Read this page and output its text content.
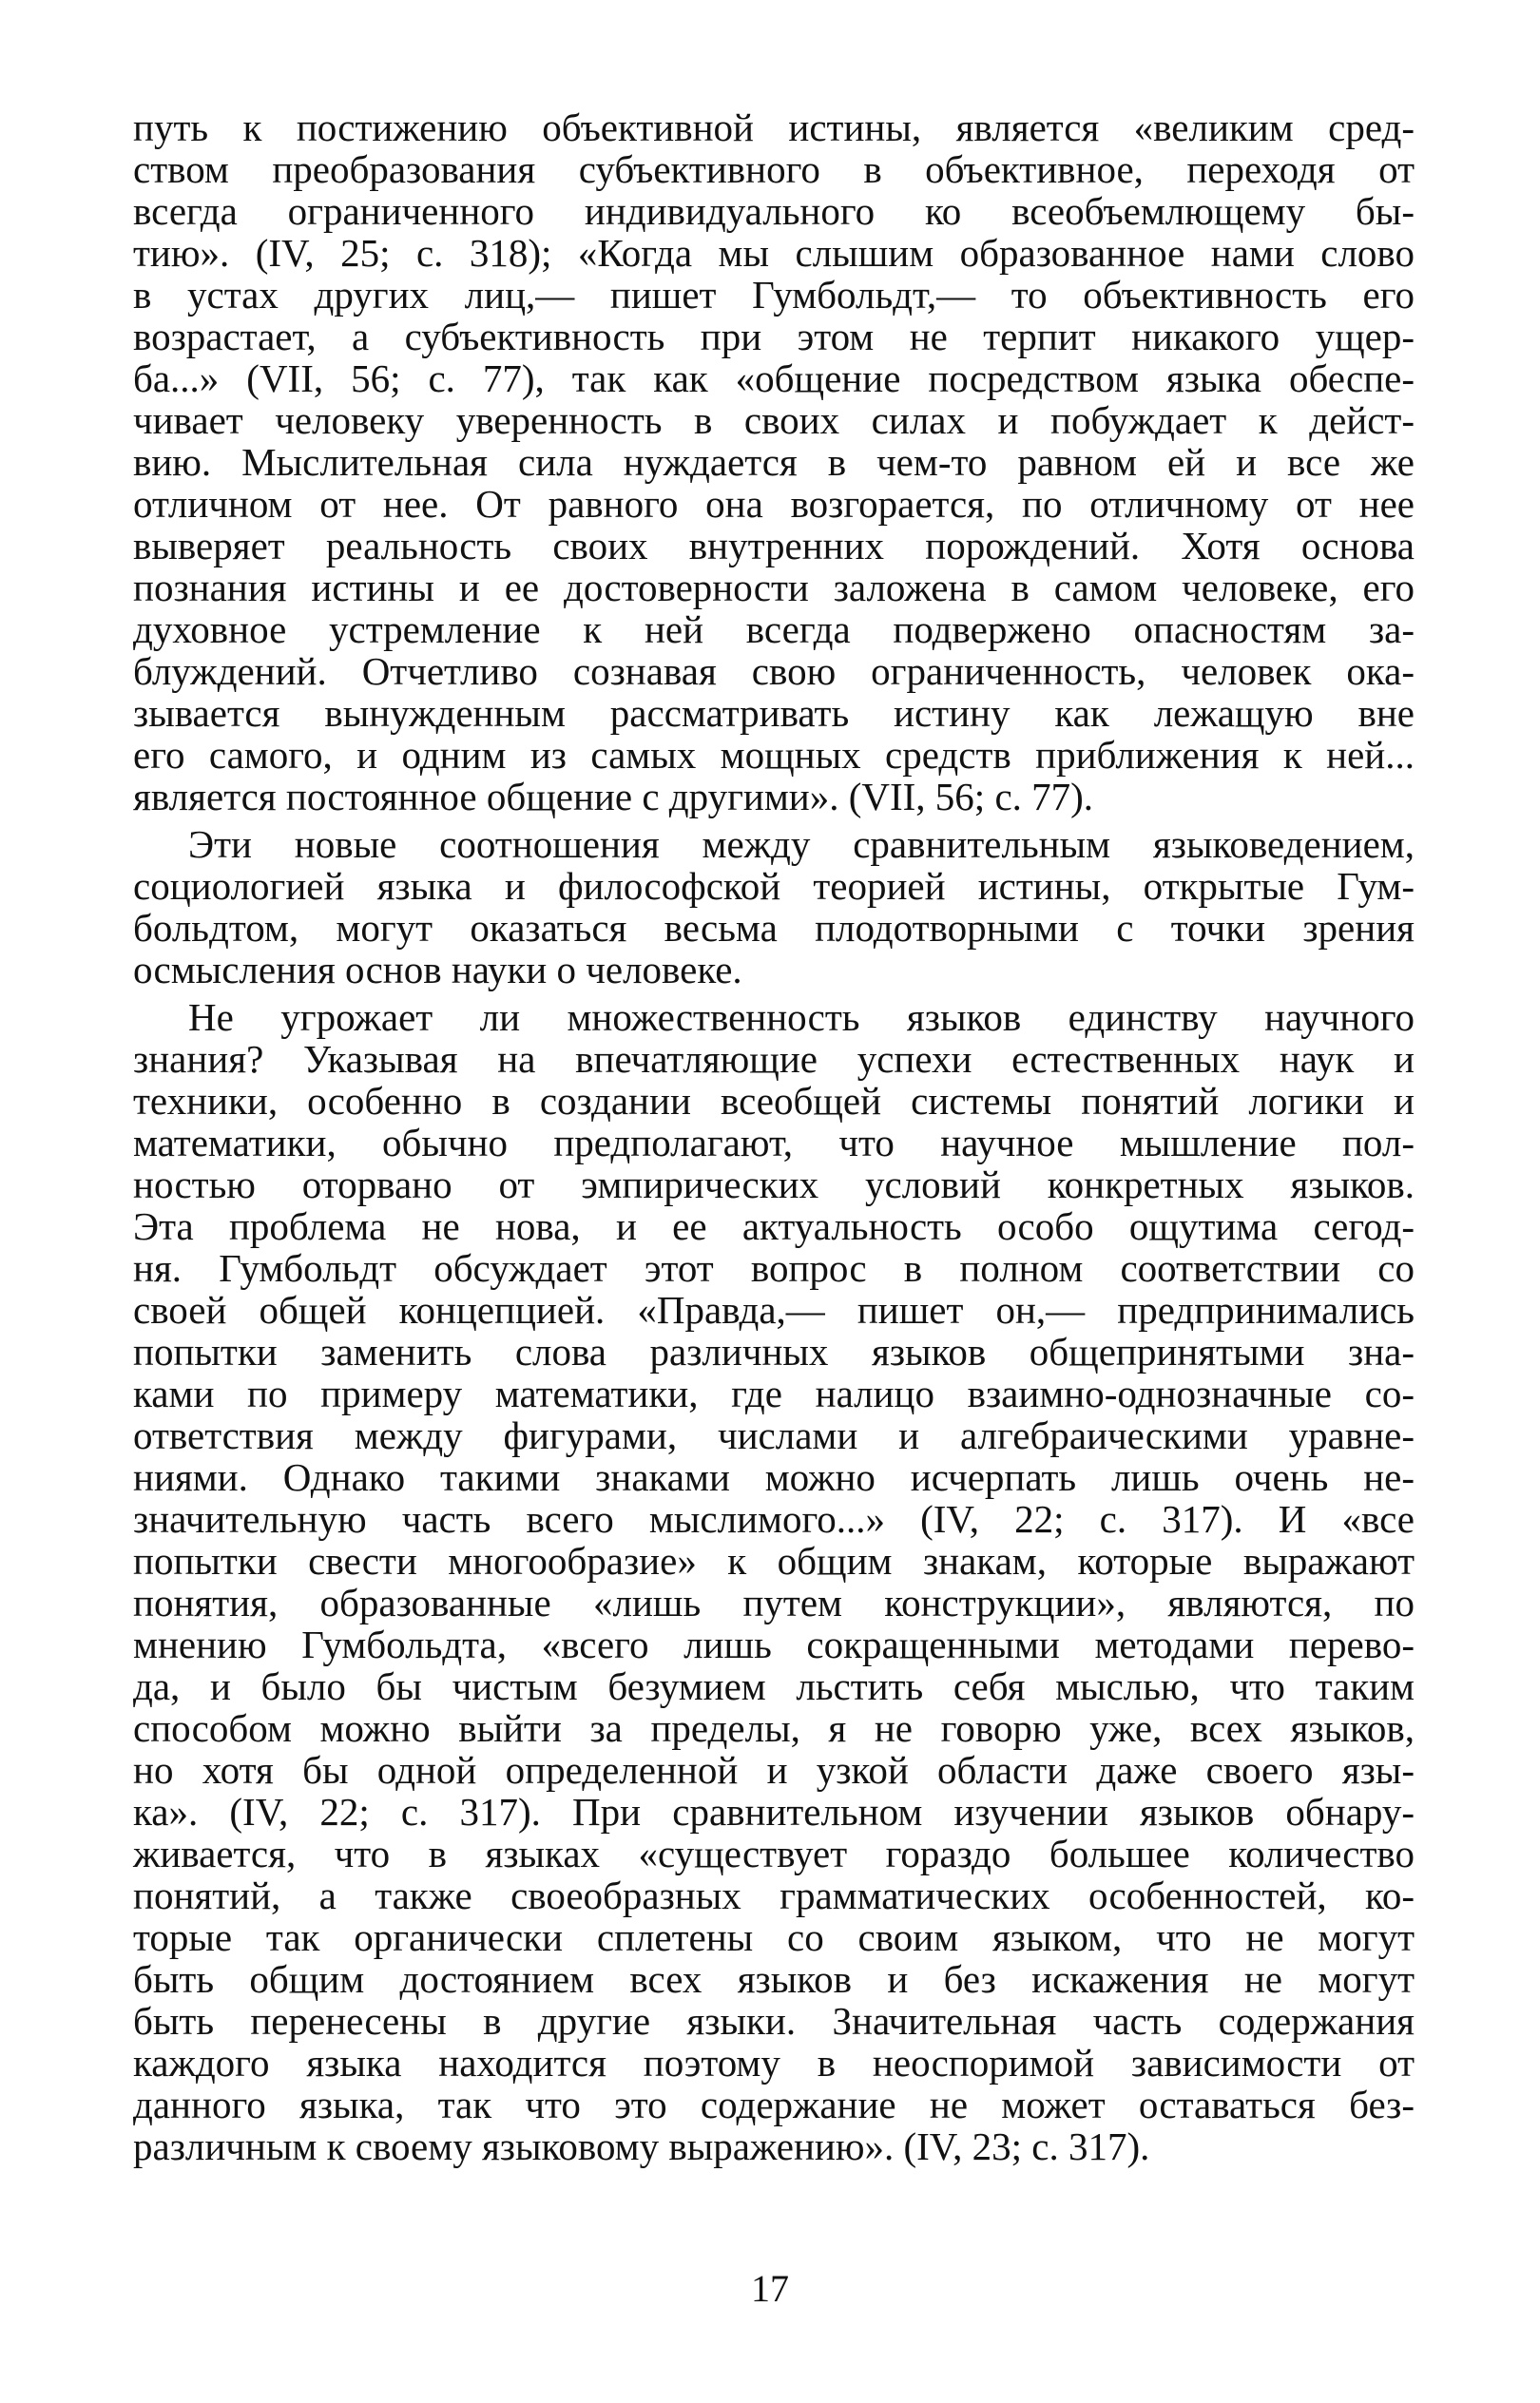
путь к постижению объективной истины, является «великим сред-
ством преобразования субъективного в объективное, переходя от
всегда ограниченного индивидуального ко всеобъемлющему бы-
тию». (IV, 25; с. 318); «Когда мы слышим образованное нами слово
в устах других лиц,— пишет Гумбольдт,— то объективность его
возрастает, а субъективность при этом не терпит никакого ущер-
ба...» (VII, 56; с. 77), так как «общение посредством языка обеспе-
чивает человеку уверенность в своих силах и побуждает к дейст-
вию. Мыслительная сила нуждается в чем-то равном ей и все же
отличном от нее. От равного она возгорается, по отличному от нее
выверяет реальность своих внутренних порождений. Хотя основа
познания истины и ее достоверности заложена в самом человеке, его
духовное устремление к ней всегда подвержено опасностям за-
блуждений. Отчетливо сознавая свою ограниченность, человек ока-
зывается вынужденным рассматривать истину как лежащую вне
его самого, и одним из самых мощных средств приближения к ней...
является постоянное общение с другими». (VII, 56; с. 77).
Эти новые соотношения между сравнительным языковедением,
социологией языка и философской теорией истины, открытые Гум-
больдтом, могут оказаться весьма плодотворными с точки зрения
осмысления основ науки о человеке.
Не угрожает ли множественность языков единству научного
знания? Указывая на впечатляющие успехи естественных наук и
техники, особенно в создании всеобщей системы понятий логики и
математики, обычно предполагают, что научное мышление пол-
ностью оторвано от эмпирических условий конкретных языков.
Эта проблема не нова, и ее актуальность особо ощутима сегод-
ня. Гумбольдт обсуждает этот вопрос в полном соответствии со
своей общей концепцией. «Правда,— пишет он,— предпринимались
попытки заменить слова различных языков общепринятыми зна-
ками по примеру математики, где налицо взаимно-однозначные со-
ответствия между фигурами, числами и алгебраическими уравне-
ниями. Однако такими знаками можно исчерпать лишь очень не-
значительную часть всего мыслимого...» (IV, 22; с. 317). И «все
попытки свести многообразие» к общим знакам, которые выражают
понятия, образованные «лишь путем конструкции», являются, по
мнению Гумбольдта, «всего лишь сокращенными методами перево-
да, и было бы чистым безумием льстить себя мыслью, что таким
способом можно выйти за пределы, я не говорю уже, всех языков,
но хотя бы одной определенной и узкой области даже своего язы-
ка». (IV, 22; с. 317). При сравнительном изучении языков обнару-
живается, что в языках «существует гораздо большее количество
понятий, а также своеобразных грамматических особенностей, ко-
торые так органически сплетены со своим языком, что не могут
быть общим достоянием всех языков и без искажения не могут
быть перенесены в другие языки. Значительная часть содержания
каждого языка находится поэтому в неоспоримой зависимости от
данного языка, так что это содержание не может оставаться без-
различным к своему языковому выражению». (IV, 23; с. 317).
17
